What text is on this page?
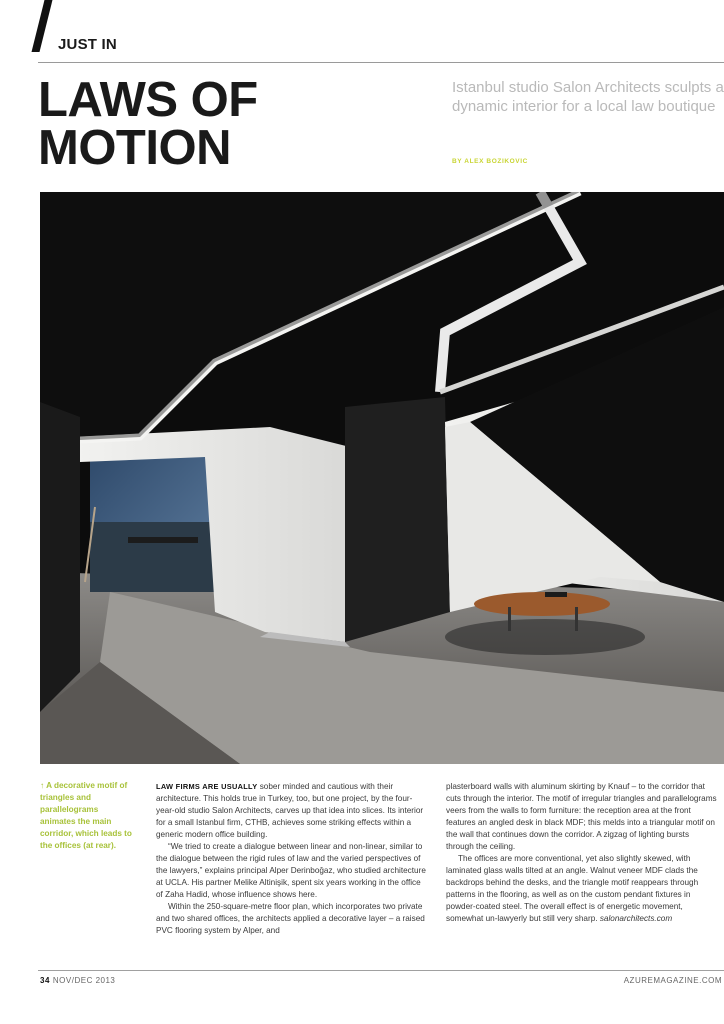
JUST IN
LAWS OF
MOTION
Istanbul studio Salon Architects sculpts a dynamic interior for a local law boutique
BY ALEX BOZIKOVIC
↑ A decorative motif of triangles and parallelograms animates the main corridor, which leads to the offices (at rear).

LAW FIRMS ARE USUALLY sober minded and cautious with their architecture. This holds true in Turkey, too, but one project, by the four-year-old studio Salon Architects, carves up that idea into slices. Its interior for a small Istanbul firm, CTHB, achieves some striking effects within a generic modern office building.

“We tried to create a dialogue between linear and non-linear, similar to the dialogue between the rigid rules of law and the varied perspectives of the lawyers,” explains principal Alper Derinboğaz, who studied architecture at UCLA. His partner Melike Altinişik, spent six years working in the office of Zaha Hadid, whose influence shows here.

Within the 250-square-metre floor plan, which incorporates two private and two shared offices, the architects applied a decorative layer – a raised PVC flooring system by Alper, and

plasterboard walls with aluminum skirting by Knauf – to the corridor that cuts through the interior. The motif of irregular triangles and parallelograms veers from the walls to form furniture: the reception area at the front features an angled desk in black MDF; this melds into a triangular motif on the wall that continues down the corridor. A zigzag of lighting bursts through the ceiling.

The offices are more conventional, yet also slightly skewed, with laminated glass walls tilted at an angle. Walnut veneer MDF clads the backdrops behind the desks, and the triangle motif reappears through patterns in the flooring, as well as on the custom pendant fixtures in powder-coated steel. The overall effect is of energetic movement, somewhat un-lawyerly but still very sharp. salonarchitects.com

34 NOV/DEC 2013	AZUREMAGAZINE.COM
